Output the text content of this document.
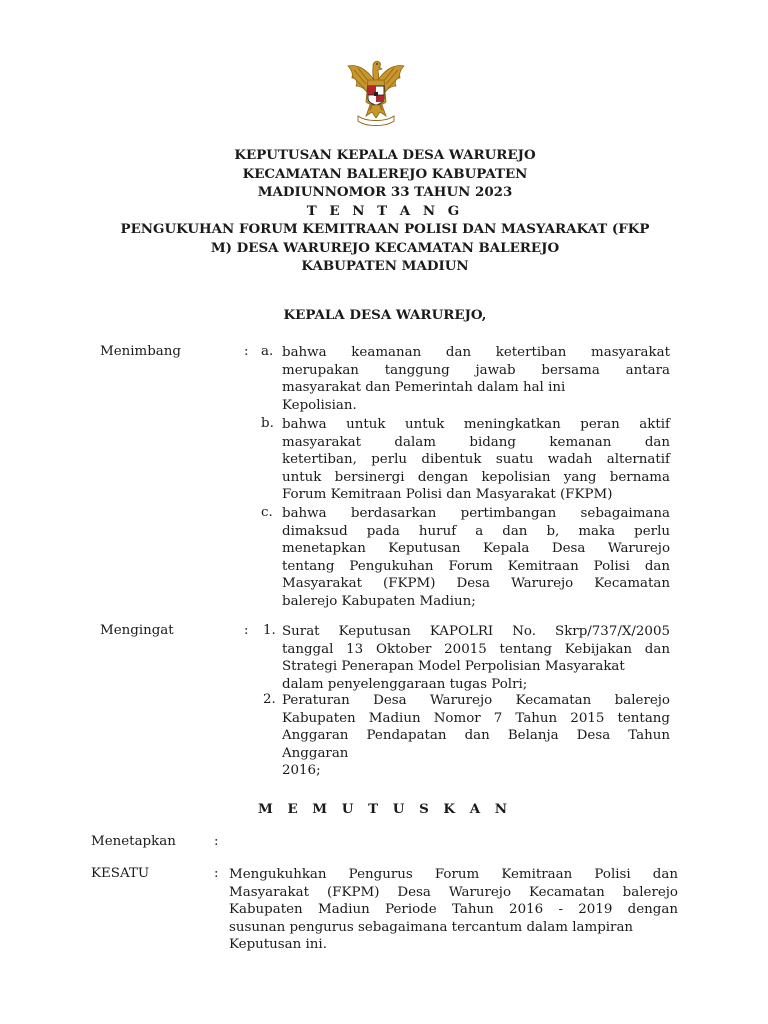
KEPUTUSAN KEPALA DESA WARUREJO
KECAMATAN BALEREJO KABUPATEN
MADIUNNOMOR 33 TAHUN 2023
T E N T A N G
PENGUKUHAN FORUM KEMITRAAN POLISI DAN MASYARAKAT (FKP
M) DESA WARUREJO KECAMATAN BALEREJO
KABUPATEN MADIUN
KEPALA DESA WARUREJO,
Menimbang	: a. bahwa keamanan dan ketertiban masyarakat
merupakan tanggung jawab bersama antara
masyarakat dan Pemerintah dalam hal ini
Kepolisian.
b. bahwa untuk untuk meningkatkan peran aktif
masyarakat dalam bidang kemanan dan
ketertiban, perlu dibentuk suatu wadah alternatif
untuk bersinergi dengan kepolisian yang bernama
Forum Kemitraan Polisi dan Masyarakat (FKPM)
c. bahwa berdasarkan pertimbangan sebagaimana
dimaksud pada huruf a dan b, maka perlu
menetapkan Keputusan Kepala Desa Warurejo
tentang Pengukuhan Forum Kemitraan Polisi dan
Masyarakat (FKPM) Desa Warurejo Kecamatan
balerejo Kabupaten Madiun;
Mengingat	: 1. Surat Keputusan KAPOLRI No. Skrp/737/X/2005
tanggal 13 Oktober 20015 tentang Kebijakan dan
Strategi Penerapan Model Perpolisian Masyarakat
dalam penyelenggaraan tugas Polri;
2. Peraturan Desa Warurejo Kecamatan balerejo
Kabupaten Madiun Nomor 7 Tahun 2015 tentang
Anggaran Pendapatan dan Belanja Desa Tahun
Anggaran
2016;
M E M U T U S K A N
Menetapkan	:
KESATU	: Mengukuhkan Pengurus Forum Kemitraan Polisi dan
Masyarakat (FKPM) Desa Warurejo Kecamatan balerejo
Kabupaten Madiun Periode Tahun 2016 - 2019 dengan
susunan pengurus sebagaimana tercantum dalam lampiran
Keputusan ini.
